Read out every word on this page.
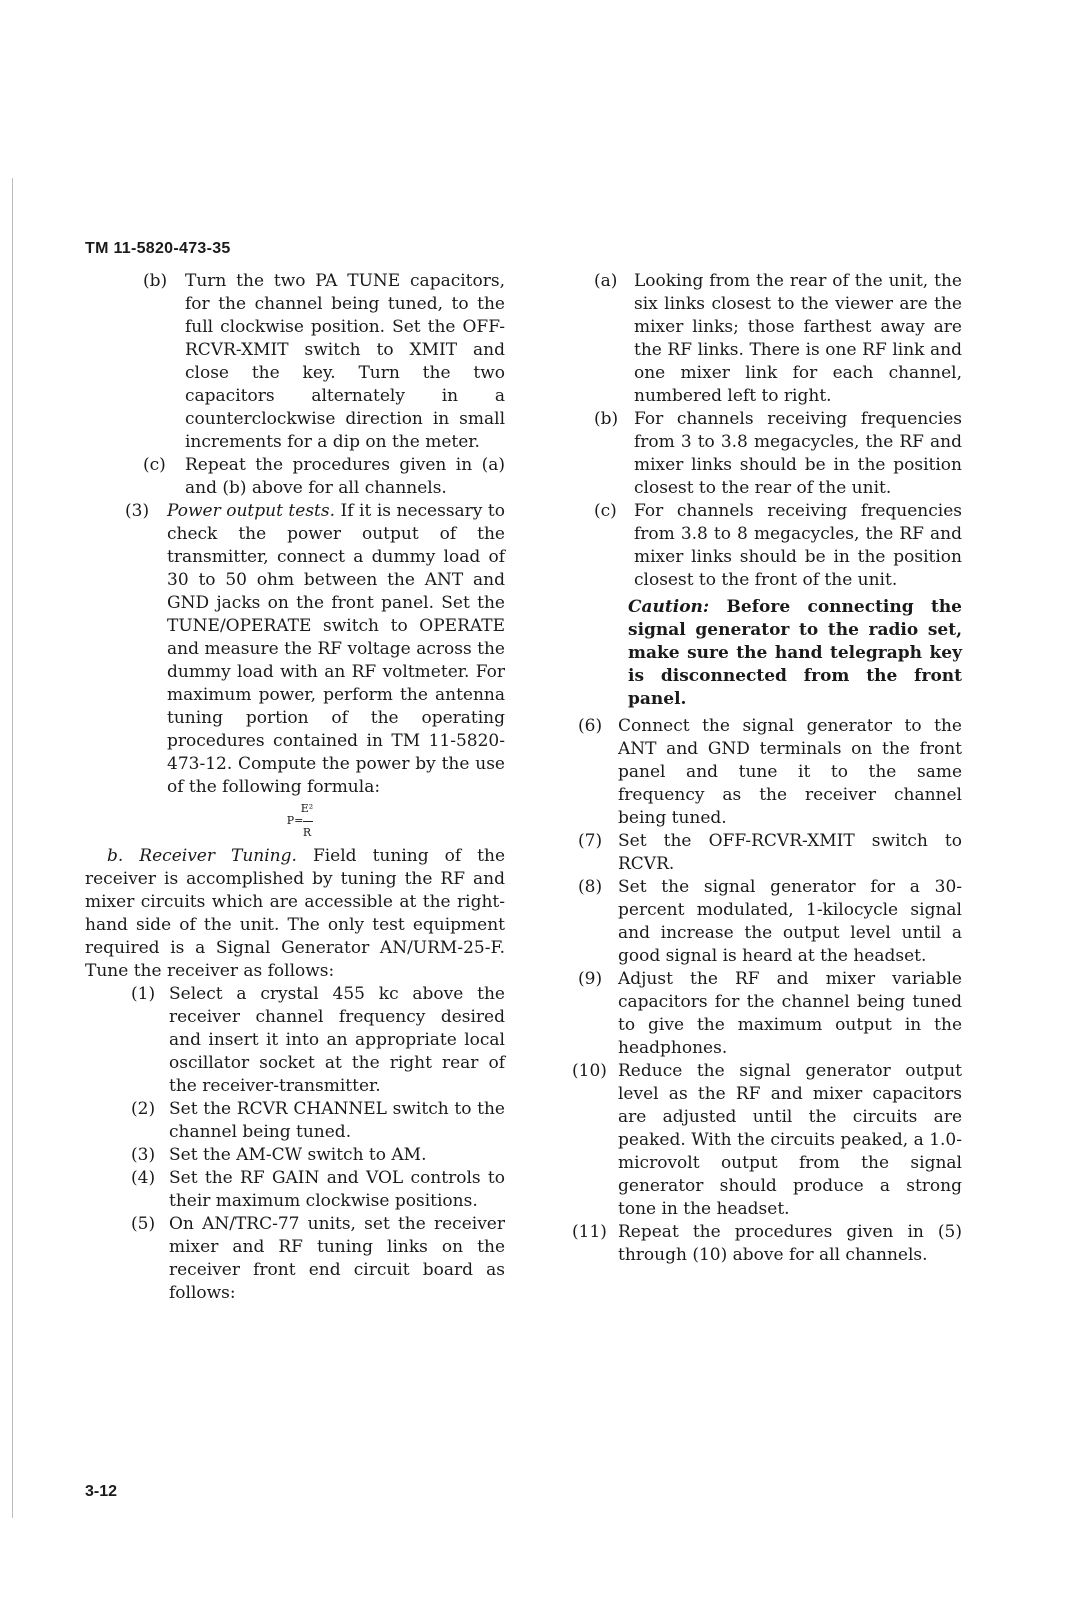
TM 11-5820-473-35
(b)	Turn the two PA TUNE capacitors, for the channel being tuned, to the full clockwise position. Set the OFF-RCVR-XMIT switch to XMIT and close the key. Turn the two capacitors alternately in a counterclockwise direction in small increments for a dip on the meter.
(c)	Repeat the procedures given in (a) and (b) above for all channels.
(3)	Power output tests. If it is necessary to check the power output of the transmitter, connect a dummy load of 30 to 50 ohm between the ANT and GND jacks on the front panel. Set the TUNE/OPERATE switch to OPERATE and measure the RF voltage across the dummy load with an RF voltmeter. For maximum power, perform the antenna tuning portion of the operating procedures contained in TM 11-5820-473-12. Compute the power by the use of the following formula:
E²
P=
R

b. Receiver Tuning. Field tuning of the receiver is accomplished by tuning the RF and mixer circuits which are accessible at the right-hand side of the unit. The only test equipment required is a Signal Generator AN/URM-25-F. Tune the receiver as follows:

(1) Select a crystal 455 kc above the receiver channel frequency desired and insert it into an appropriate local oscillator socket at the right rear of the receiver-transmitter.
(2) Set the RCVR CHANNEL switch to the channel being tuned.
(3) Set the AM-CW switch to AM.
(4) Set the RF GAIN and VOL controls to their maximum clockwise positions.
(5) On AN/TRC-77 units, set the receiver mixer and RF tuning links on the receiver front end circuit board as follows:
(a) Looking from the rear of the unit, the six links closest to the viewer are the mixer links; those farthest away are the RF links. There is one RF link and one mixer link for each channel, numbered left to right.
(b) For channels receiving frequencies from 3 to 3.8 megacycles, the RF and mixer links should be in the position closest to the rear of the unit.
(c)	For channels receiving frequencies from 3.8 to 8 megacycles, the RF and mixer links should be in the position closest to the front of the unit.
Caution: Before connecting the signal generator to the radio set, make sure the hand telegraph key is disconnected from the front panel.
(6) Connect the signal generator to the ANT and GND terminals on the front panel and tune it to the same frequency as the receiver channel being tuned.
(7) Set the OFF-RCVR-XMIT switch to RCVR.
(8) Set the signal generator for a 30-percent modulated, 1-kilocycle signal and increase the output level until a good signal is heard at the headset.
(9) Adjust the RF and mixer variable capacitors for the channel being tuned to give the maximum output in the headphones.
(10) Reduce the signal generator output level as the RF and mixer capacitors are adjusted until the circuits are peaked. With the circuits peaked, a 1.0-microvolt output from the signal generator should produce a strong tone in the headset.
(11) Repeat the procedures given in (5) through (10) above for all channels.
3-12
